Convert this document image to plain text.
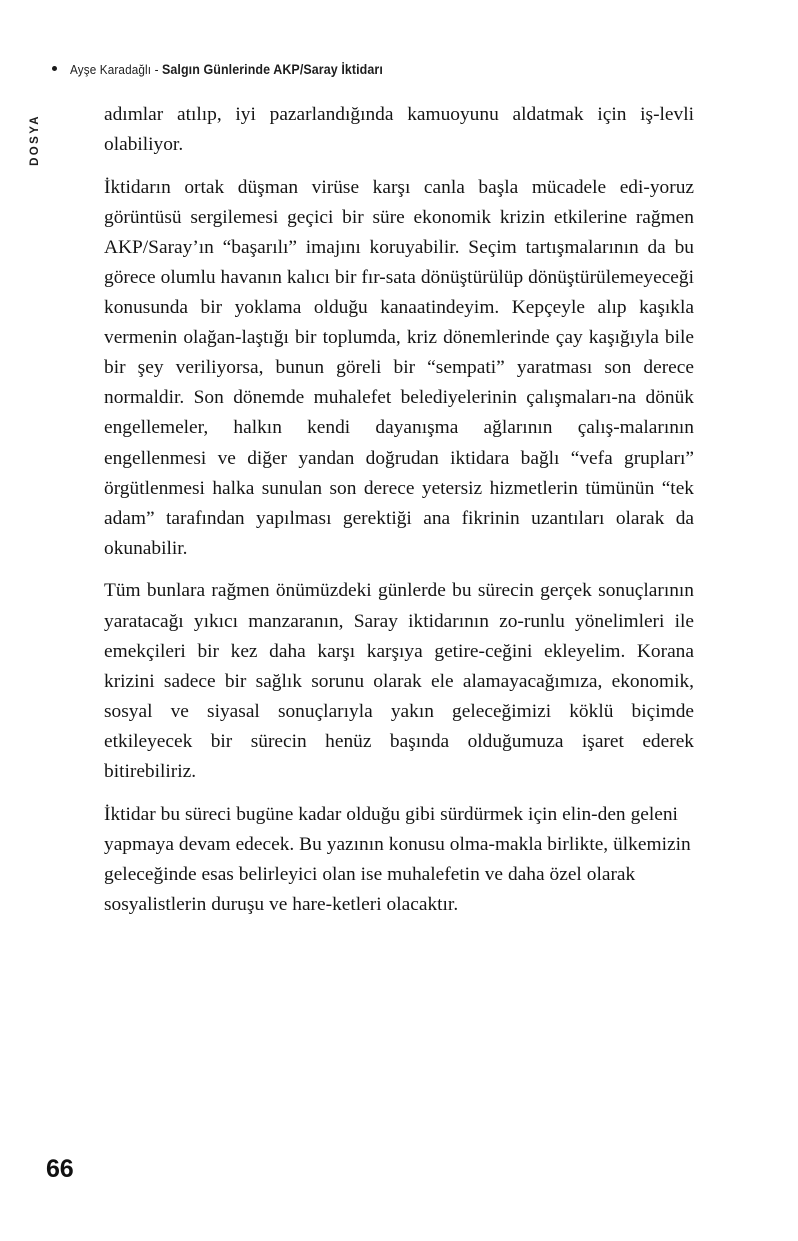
Ayşe Karadağlı - Salgın Günlerinde AKP/Saray İktidarı
DOSYA	adımlar atılıp, iyi pazarlandığında kamuoyunu aldatmak için iş-levli olabiliyor.

İktidarın ortak düşman virüse karşı canla başla mücadele edi-yoruz görüntüsü sergilemesi geçici bir süre ekonomik krizin etkilerine rağmen AKP/Saray’ın “başarılı” imajını koruyabilir. Seçim tartışmalarının da bu görece olumlu havanın kalıcı bir fır-sata dönüştürülüp dönüştürülemeyeceği konusunda bir yoklama olduğu kanaatindeyim. Kepçeyle alıp kaşıkla vermenin olağan-laştığı bir toplumda, kriz dönemlerinde çay kaşığıyla bile bir şey veriliyorsa, bunun göreli bir “sempati” yaratması son derece normaldir. Son dönemde muhalefet belediyelerinin çalışmaları-na dönük engellemeler, halkın kendi dayanışma ağlarının çalış-malarının engellenmesi ve diğer yandan doğrudan iktidara bağlı “vefa grupları” örgütlenmesi halka sunulan son derece yetersiz hizmetlerin tümünün “tek adam” tarafından yapılması gerektiği ana fikrinin uzantıları olarak da okunabilir.

Tüm bunlara rağmen önümüzdeki günlerde bu sürecin gerçek sonuçlarının yaratacağı yıkıcı manzaranın, Saray iktidarının zo-runlu yönelimleri ile emekçileri bir kez daha karşı karşıya getire-ceğini ekleyelim. Korana krizini sadece bir sağlık sorunu olarak ele alamayacağımıza, ekonomik, sosyal ve siyasal sonuçlarıyla yakın geleceğimizi köklü biçimde etkileyecek bir sürecin henüz başında olduğumuza işaret ederek bitirebiliriz.

İktidar bu süreci bugüne kadar olduğu gibi sürdürmek için elin-den geleni yapmaya devam edecek. Bu yazının konusu olma-makla birlikte, ülkemizin geleceğinde esas belirleyici olan ise muhalefetin ve daha özel olarak sosyalistlerin duruşu ve hare-ketleri olacaktır.

66
